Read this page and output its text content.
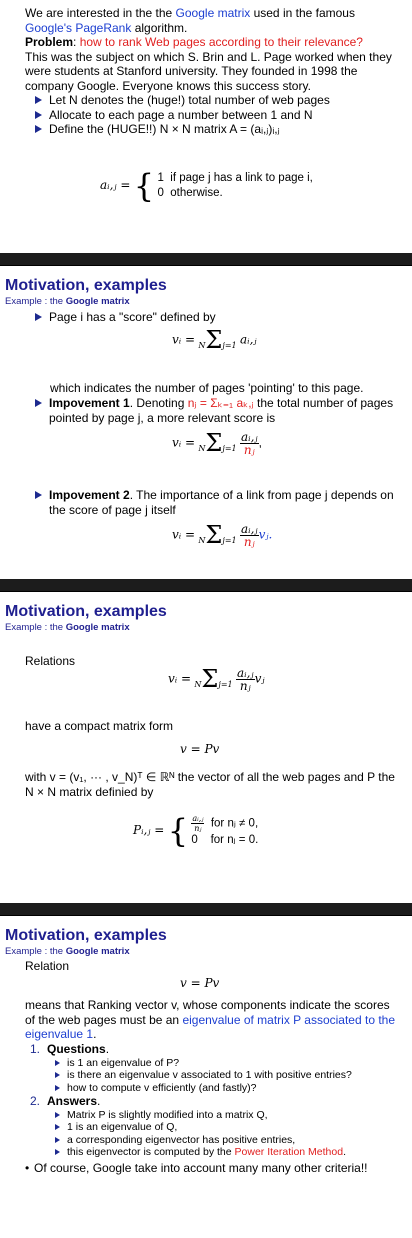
We are interested in the the Google matrix used in the famous
Google's PageRank algorithm.
Problem: how to rank Web pages according to their relevance?
This was the subject on which S. Brin and L. Page worked when they were students at Stanford university. They founded in 1998 the company Google. Everyone knows this success story.
Let N denotes the (huge!) total number of web pages
Allocate to each page a number between 1 and N
Define the (HUGE!!) N × N matrix A = (aᵢ,ⱼ)ᵢ,ⱼ
aᵢ,ⱼ = { 1 if page j has a link to page i,
0 otherwise.
Motivation, examples
Example : the Google matrix
Page i has a "score" defined by
vᵢ = NΣj=1 aᵢ,ⱼ
which indicates the number of pages 'pointing' to this page.
Impovement 1. Denoting nⱼ = Σₖ₌₁ aₖ,ⱼ the total number of pages pointed by page j, a more relevant score is
vᵢ = $N\Sigma j=1 \frac{\text{aᵢ,ⱼ}}{\text{nⱼ}}$ ,
Impovement 2. The importance of a link from page j depends on the score of page j itself
vᵢ = $N\Sigma j=1 \frac{\text{aᵢ,ⱼ}}{\text{nⱼ}}$ vⱼ.
Motivation, examples
Example : the Google matrix
Relations
vᵢ = $N\Sigma j=1 \frac{\text{aᵢ,ⱼ}}{\text{nⱼ}}$ vⱼ
have a compact matrix form
v = Pv
with v = (v₁, ··· , v_N)ᵀ ∈ ℝᴺ the vector of all the web pages and P the N × N matrix definied by
Pᵢ,ⱼ = { $\frac{\text{aᵢ,ⱼ}}{\text{nⱼ}}$ for nⱼ ≠ 0,
0 for nⱼ = 0.
Motivation, examples
Example : the Google matrix
Relation
v = Pv
means that Ranking vector v, whose components indicate the scores of the web pages must be an eigenvalue of matrix P associated to the eigenvalue 1.
1. Questions.
is 1 an eigenvalue of P?
is there an eigenvalue v associated to 1 with positive entries?
how to compute v efficiently (and fastly)?
2. Answers.
Matrix P is slightly modified into a matrix Q,
1 is an eigenvalue of Q,
a corresponding eigenvector has positive entries,
this eigenvector is computed by the Power Iteration Method.
• Of course, Google take into account many many other criteria!!
